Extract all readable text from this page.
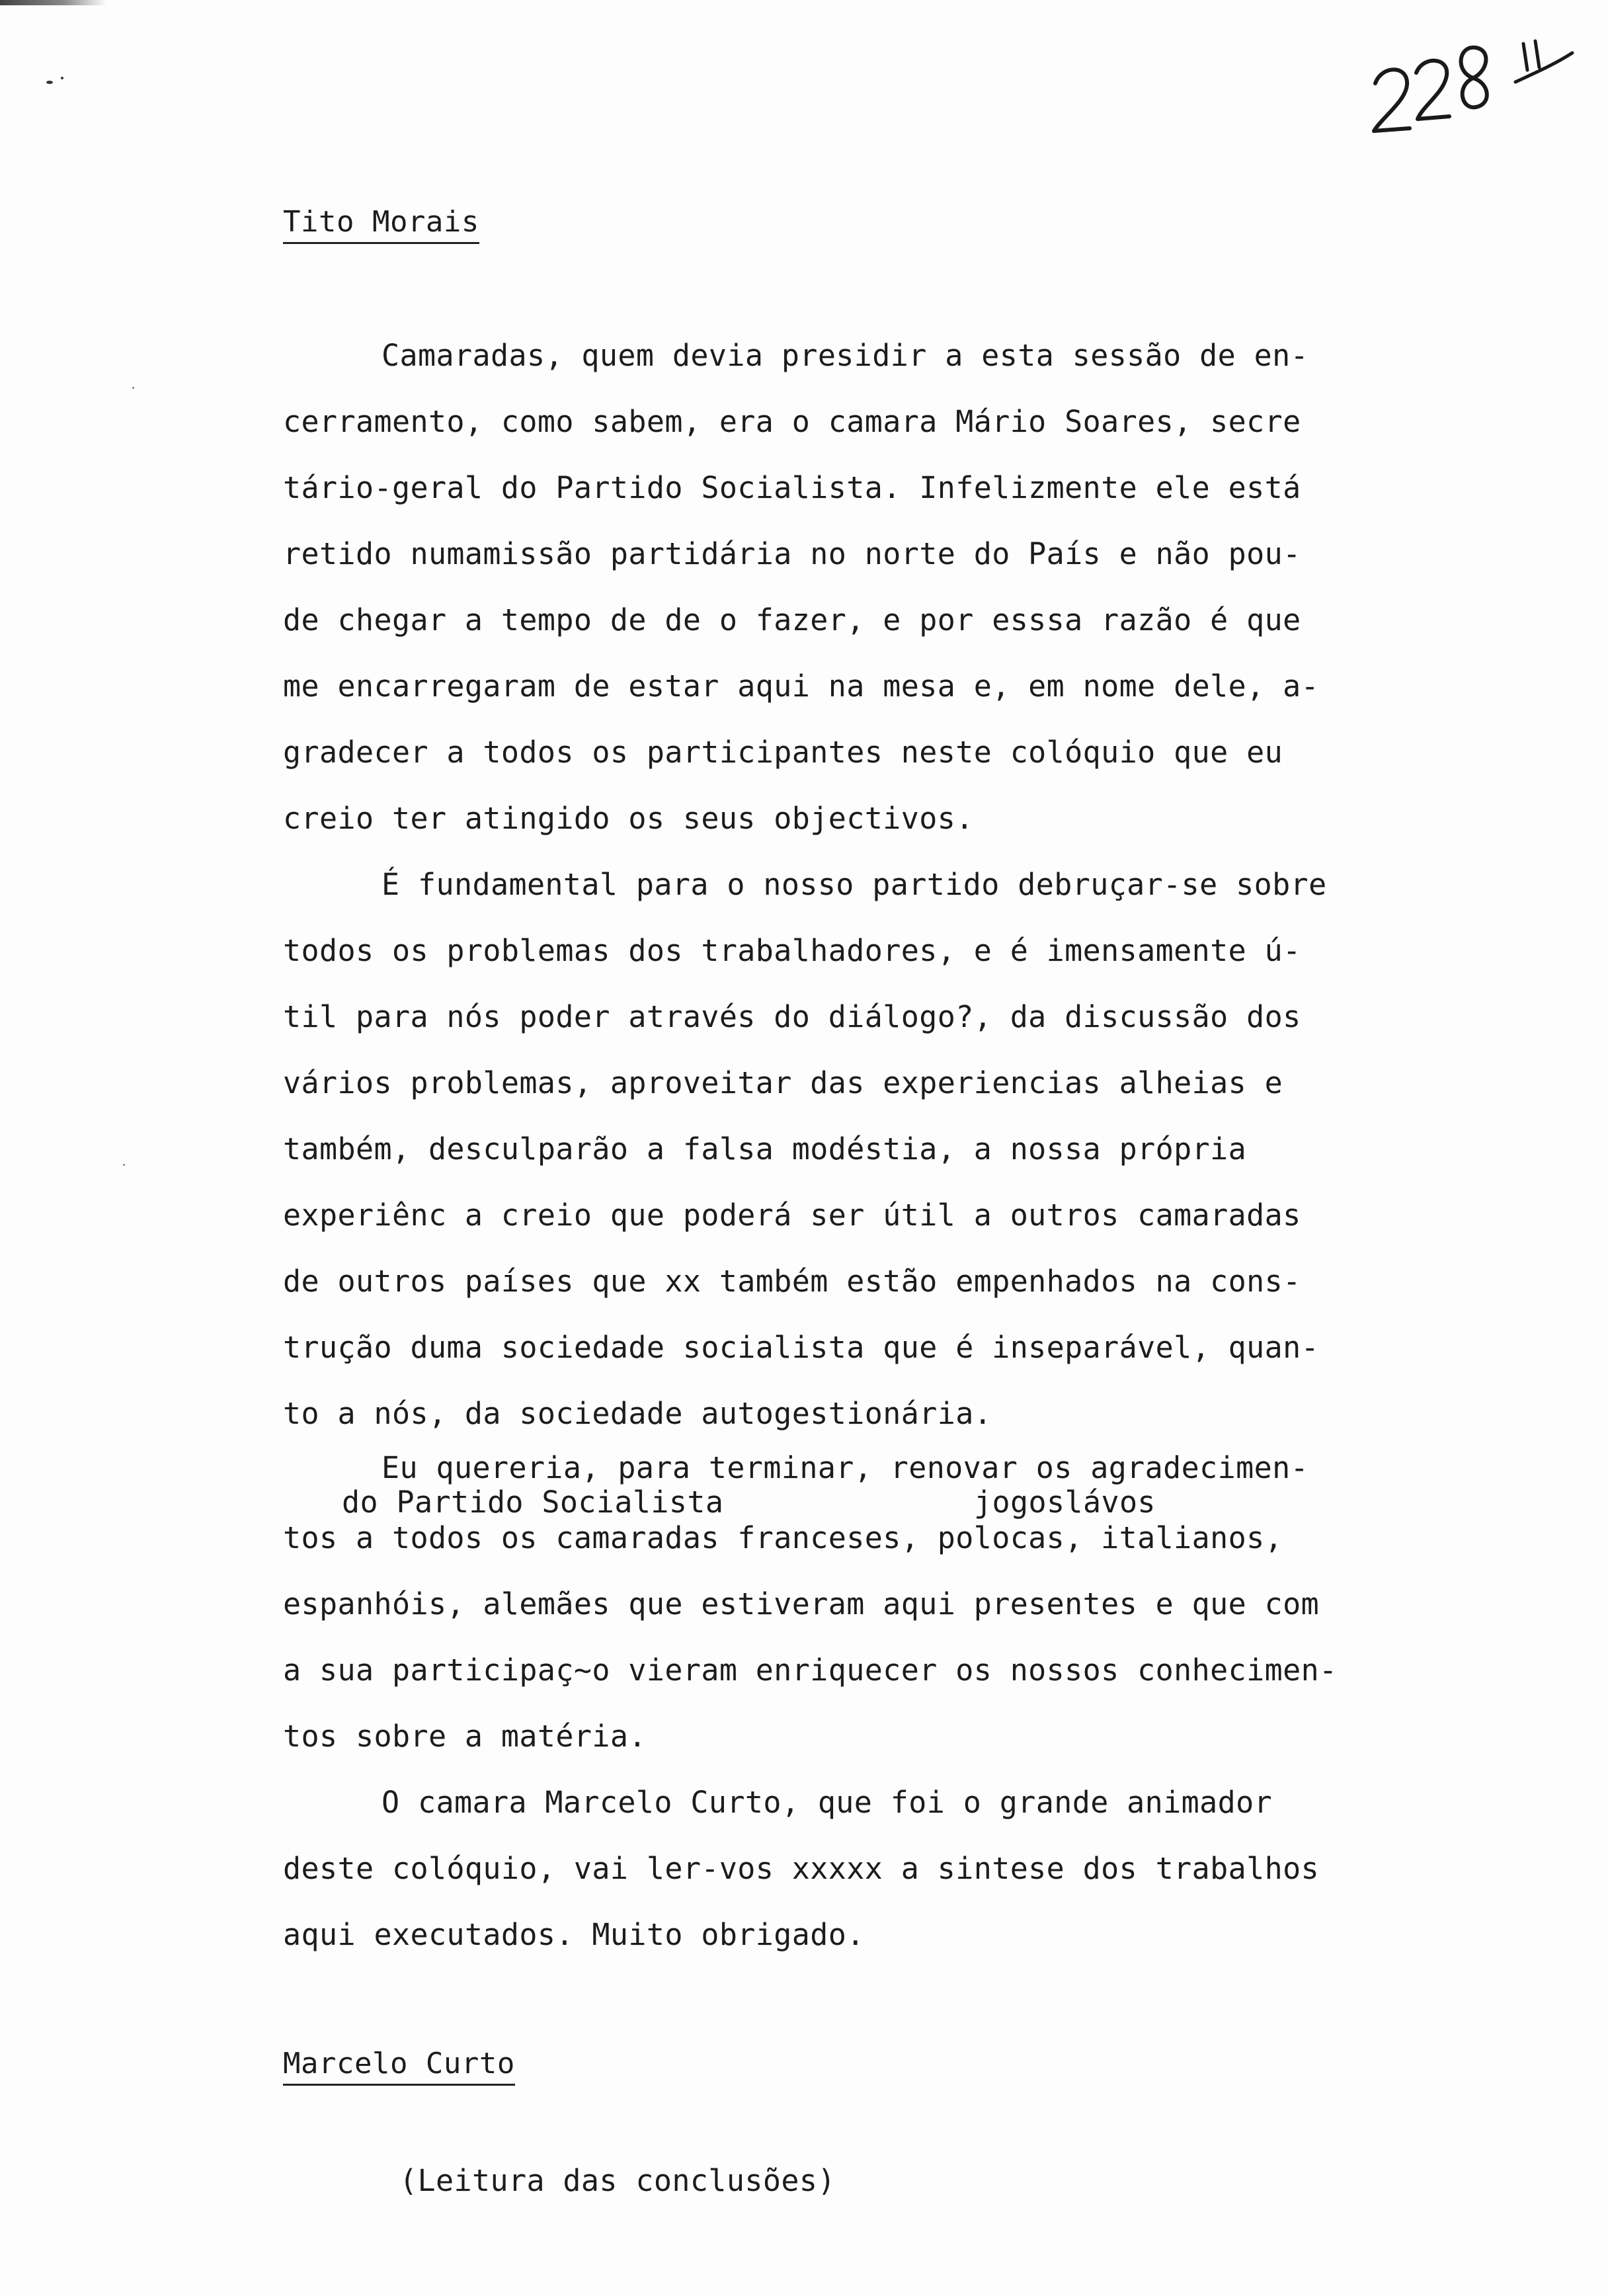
Tito Morais
Camaradas, quem devia presidir a esta sessão de en-
cerramento, como sabem, era o camara Mário Soares, secre
tário-geral do Partido Socialista. Infelizmente ele está
retido numamissão partidária no norte do País e não pou-
de chegar a tempo de de o fazer, e por esssa razão é que
me encarregaram de estar aqui na mesa e, em nome dele, a-
gradecer a todos os participantes neste colóquio que eu
creio ter atingido os seus objectivos.
É fundamental para o nosso partido debruçar-se sobre
todos os problemas dos trabalhadores, e é imensamente ú-
til para nós poder através do diálogo?, da discussão dos
vários problemas, aproveitar das experiencias alheias e
também, desculparão a falsa modéstia, a nossa própria
experiênc a creio que poderá ser útil a outros camaradas
de outros países que xx também estão empenhados na cons-
trução duma sociedade socialista que é inseparável, quan-
to a nós, da sociedade autogestionária.
Eu quereria, para terminar, renovar os agradecimen-
do Partido Socialista	jogoslávos
tos a todos os camaradas franceses, polocas, italianos,
espanhóis, alemães que estiveram aqui presentes e que com
a sua participaç~o vieram enriquecer os nossos conhecimen-
tos sobre a matéria.
O camara Marcelo Curto, que foi o grande animador
deste colóquio, vai ler-vos xxxxx a sintese dos trabalhos
aqui executados. Muito obrigado.
Marcelo Curto
(Leitura das conclusões)
